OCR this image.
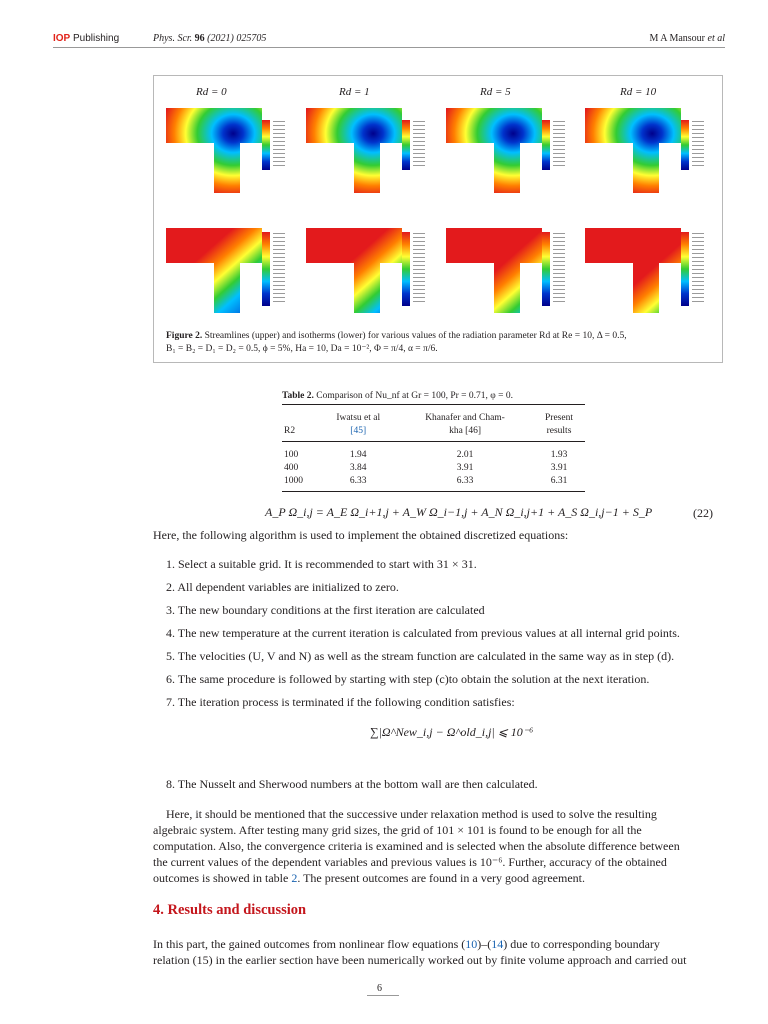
IOP Publishing	Phys. Scr. 96 (2021) 025705	M A Mansour et al
Rd = 0	Rd = 1	Rd = 5	Rd = 10
Figure 2. Streamlines (upper) and isotherms (lower) for various values of the radiation parameter Rd at Re = 10, Δ = 0.5,
B₁ = B₂ = D₁ = D₂ = 0.5, ϕ = 5%, Ha = 10, Da = 10⁻², Φ = π/4, α = π/6.
Table 2. Comparison of Nu_nf at Gr = 100, Pr = 0.71, φ = 0.
	Iwatsu et al	Khanafer and Cham-	Present
R2	[45]	kha [46]	results
100	1.94	2.01	1.93
400	3.84	3.91	3.91
1000	6.33	6.33	6.31
A_P Ω_i,j = A_E Ω_i+1,j + A_W Ω_i−1,j + A_N Ω_i,j+1 + A_S Ω_i,j−1 + S_P	(22)
Here, the following algorithm is used to implement the obtained discretized equations:
1. Select a suitable grid. It is recommended to start with 31 × 31.
2. All dependent variables are initialized to zero.
3. The new boundary conditions at the first iteration are calculated
4. The new temperature at the current iteration is calculated from previous values at all internal grid points.
5. The velocities (U, V and N) as well as the stream function are calculated in the same way as in step (d).
6. The same procedure is followed by starting with step (c)to obtain the solution at the next iteration.
7. The iteration process is terminated if the following condition satisfies:
∑|Ω^New_i,j − Ω^old_i,j| ⩽ 10⁻⁶
8. The Nusselt and Sherwood numbers at the bottom wall are then calculated.
Here, it should be mentioned that the successive under relaxation method is used to solve the resulting
algebraic system. After testing many grid sizes, the grid of 101 × 101 is found to be enough for all the
computation. Also, the convergence criteria is examined and is selected when the absolute difference between
the current values of the dependent variables and previous values is 10⁻⁶. Further, accuracy of the obtained
outcomes is showed in table 2. The present outcomes are found in a very good agreement.
4. Results and discussion
In this part, the gained outcomes from nonlinear flow equations (10)–(14) due to corresponding boundary
relation (15) in the earlier section have been numerically worked out by finite volume approach and carried out
6
